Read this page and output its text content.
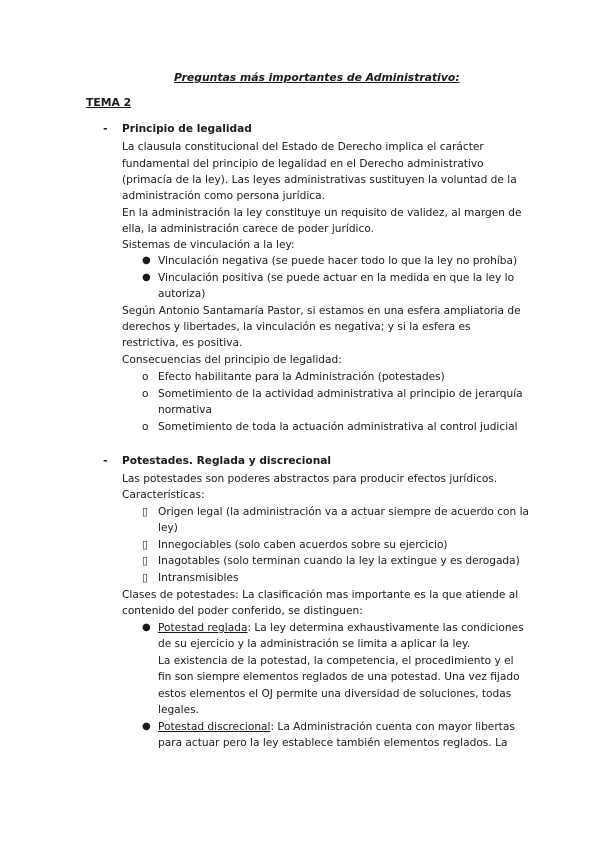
Preguntas más importantes de Administrativo:
TEMA 2
- Principio de legalidad
La clausula constitucional del Estado de Derecho implica el carácter
fundamental del principio de legalidad en el Derecho administrativo
(primacía de la ley). Las leyes administrativas sustituyen la voluntad de la
administración como persona jurídica.
En la administración la ley constituye un requisito de validez, al margen de
ella, la administración carece de poder jurídico.
Sistemas de vinculación a la ley:
● Vinculación negativa (se puede hacer todo lo que la ley no prohíba)
● Vinculación positiva (se puede actuar en la medida en que la ley lo
autoriza)
Según Antonio Santamaría Pastor, si estamos en una esfera ampliatoria de
derechos y libertades, la vinculación es negativa; y si la esfera es
restrictiva, es positiva.
Consecuencias del principio de legalidad:
o Efecto habilitante para la Administración (potestades)
o Sometimiento de la actividad administrativa al principio de jerarquía
normativa
o Sometimiento de toda la actuación administrativa al control judicial
- Potestades. Reglada y discrecional
Las potestades son poderes abstractos para producir efectos jurídicos.
Características:
▯ Origen legal (la administración va a actuar siempre de acuerdo con la
ley)
▯ Innegociables (solo caben acuerdos sobre su ejercicio)
▯ Inagotables (solo terminan cuando la ley la extingue y es derogada)
▯ Intransmisibles
Clases de potestades: La clasificación mas importante es la que atiende al
contenido del poder conferido, se distinguen:
● Potestad reglada: La ley determina exhaustivamente las condiciones
de su ejercicio y la administración se limita a aplicar la ley.
La existencia de la potestad, la competencia, el procedimiento y el
fin son siempre elementos reglados de una potestad. Una vez fijado
estos elementos el OJ permite una diversidad de soluciones, todas
legales.
● Potestad discrecional: La Administración cuenta con mayor libertas
para actuar pero la ley establece también elementos reglados. La
